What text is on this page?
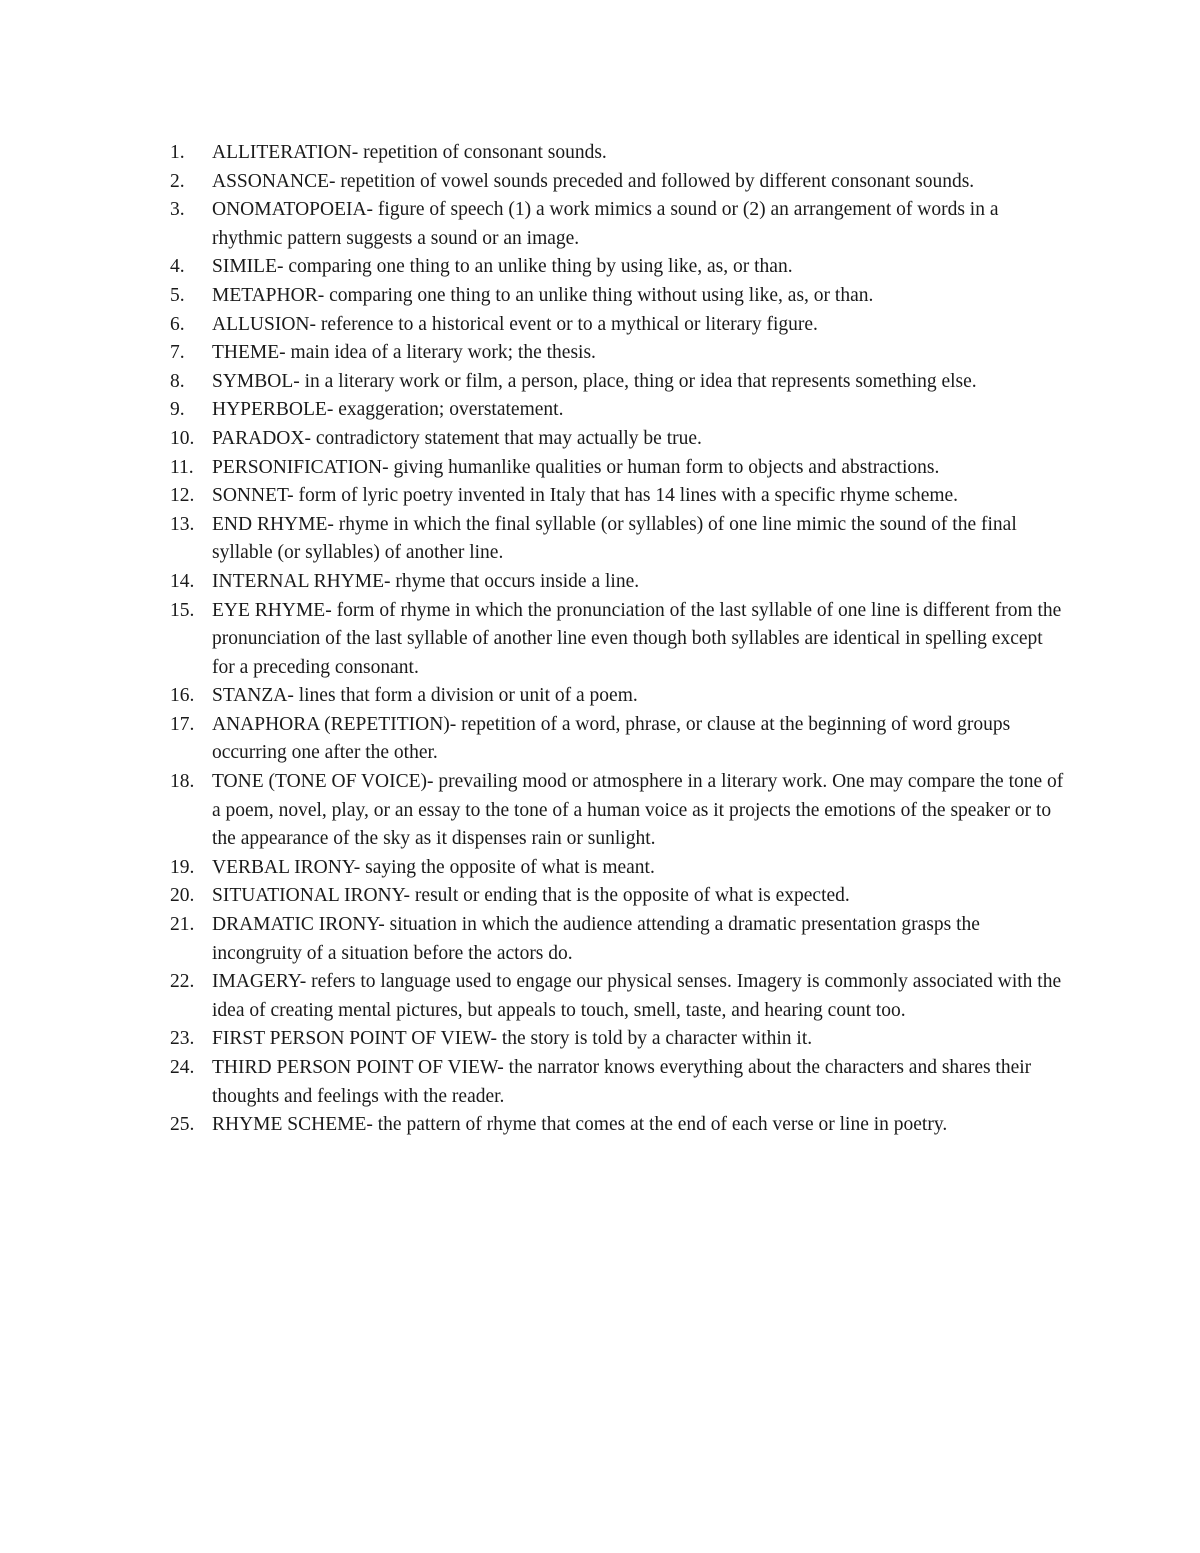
1.	ALLITERATION- repetition of consonant sounds.
2.	ASSONANCE- repetition of vowel sounds preceded and followed by different consonant sounds.
3.	ONOMATOPOEIA- figure of speech (1) a work mimics a sound or (2) an arrangement of words in a rhythmic pattern suggests a sound or an image.
4.	SIMILE- comparing one thing to an unlike thing by using like, as, or than.
5.	METAPHOR- comparing one thing to an unlike thing without using like, as, or than.
6.	ALLUSION- reference to a historical event or to a mythical or literary figure.
7.	THEME- main idea of a literary work; the thesis.
8.	SYMBOL- in a literary work or film, a person, place, thing or idea that represents something else.
9.	HYPERBOLE- exaggeration; overstatement.
10. PARADOX- contradictory statement that may actually be true.
11. PERSONIFICATION- giving humanlike qualities or human form to objects and abstractions.
12. SONNET- form of lyric poetry invented in Italy that has 14 lines with a specific rhyme scheme.
13. END RHYME- rhyme in which the final syllable (or syllables) of one line mimic the sound of the final syllable (or syllables) of another line.
14. INTERNAL RHYME- rhyme that occurs inside a line.
15. EYE RHYME- form of rhyme in which the pronunciation of the last syllable of one line is different from the pronunciation of the last syllable of another line even though both syllables are identical in spelling except for a preceding consonant.
16. STANZA- lines that form a division or unit of a poem.
17. ANAPHORA (REPETITION)- repetition of a word, phrase, or clause at the beginning of word groups occurring one after the other.
18. TONE (TONE OF VOICE)- prevailing mood or atmosphere in a literary work. One may compare the tone of a poem, novel, play, or an essay to the tone of a human voice as it projects the emotions of the speaker or to the appearance of the sky as it dispenses rain or sunlight.
19. VERBAL IRONY- saying the opposite of what is meant.
20. SITUATIONAL IRONY- result or ending that is the opposite of what is expected.
21. DRAMATIC IRONY- situation in which the audience attending a dramatic presentation grasps the incongruity of a situation before the actors do.
22. IMAGERY- refers to language used to engage our physical senses. Imagery is commonly associated with the idea of creating mental pictures, but appeals to touch, smell, taste, and hearing count too.
23. FIRST PERSON POINT OF VIEW- the story is told by a character within it.
24. THIRD PERSON POINT OF VIEW- the narrator knows everything about the characters and shares their thoughts and feelings with the reader.
25. RHYME SCHEME- the pattern of rhyme that comes at the end of each verse or line in poetry.
